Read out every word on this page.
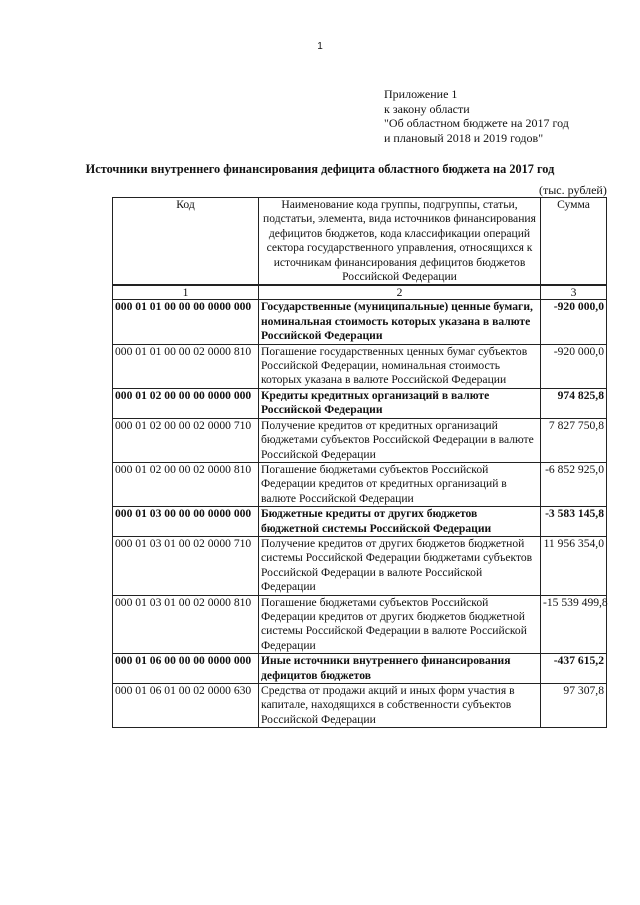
1
Приложение 1
к закону области
"Об областном бюджете на 2017 год
и плановый 2018 и 2019 годов"
Источники внутреннего финансирования дефицита областного бюджета на 2017 год
(тыс. рублей)
Код	Наименование кода группы, подгруппы, статьи, подстатьи, элемента, вида источников финансирования дефицитов бюджетов, кода классификации операций сектора государственного управления, относящихся к источникам финансирования дефицитов бюджетов Российской Федерации	Сумма
1	2	3
000 01 01 00 00 00 0000 000	Государственные (муниципальные) ценные бумаги, номинальная стоимость которых указана в валюте Российской Федерации	-920 000,0
000 01 01 00 00 02 0000 810	Погашение государственных ценных бумаг субъектов Российской Федерации, номинальная стоимость которых указана в валюте Российской Федерации	-920 000,0
000 01 02 00 00 00 0000 000	Кредиты кредитных организаций в валюте Российской Федерации	974 825,8
000 01 02 00 00 02 0000 710	Получение кредитов от кредитных организаций бюджетами субъектов Российской Федерации в валюте Российской Федерации	7 827 750,8
000 01 02 00 00 02 0000 810	Погашение бюджетами субъектов Российской Федерации кредитов от кредитных организаций в валюте Российской Федерации	-6 852 925,0
000 01 03 00 00 00 0000 000	Бюджетные кредиты от других бюджетов бюджетной системы Российской Федерации	-3 583 145,8
000 01 03 01 00 02 0000 710	Получение кредитов от других бюджетов бюджетной системы Российской Федерации бюджетами субъектов Российской Федерации в валюте Российской Федерации	11 956 354,0
000 01 03 01 00 02 0000 810	Погашение бюджетами субъектов Российской Федерации кредитов от других бюджетов бюджетной системы Российской Федерации в валюте Российской Федерации	-15 539 499,8
000 01 06 00 00 00 0000 000	Иные источники внутреннего финансирования дефицитов бюджетов	-437 615,2
000 01 06 01 00 02 0000 630	Средства от продажи акций и иных форм участия в капитале, находящихся в собственности субъектов Российской Федерации	97 307,8
